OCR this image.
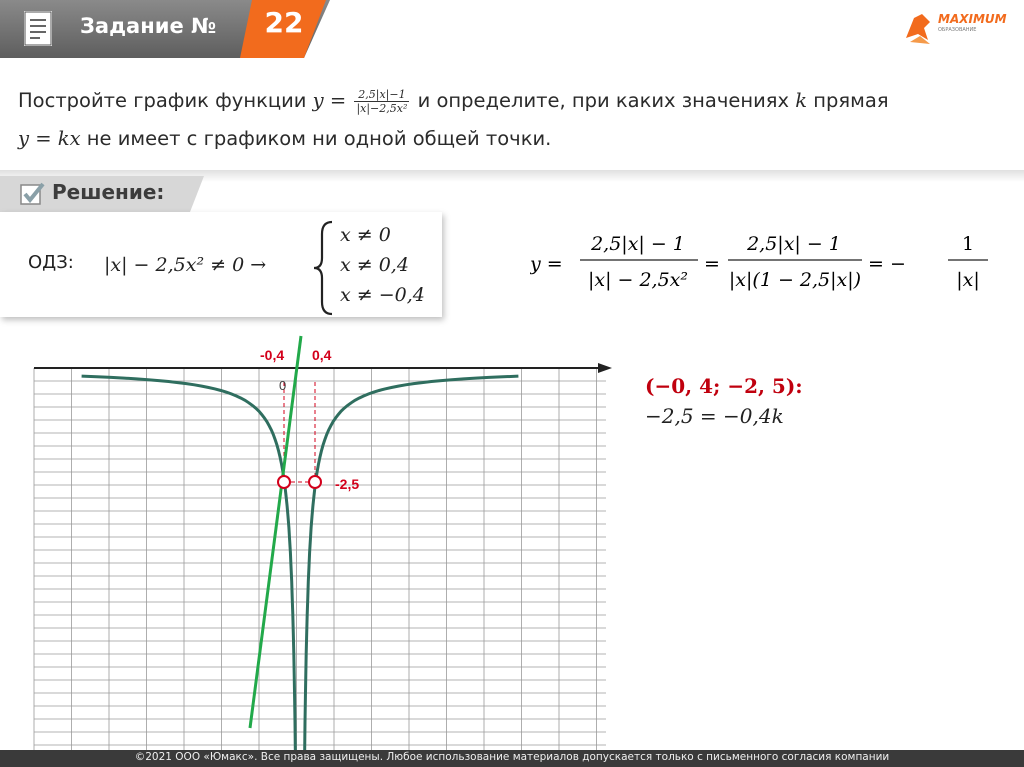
Задание №	22	MAXIMUM
ОБРАЗОВАНИЕ
Постройте график функции $y = \frac{2,5|x|-1}{\text{|x|−2,5x²}}$ и определите, при каких значениях k прямая
y = kx не имеет с графиком ни одной общей точки.
Решение:
ОДЗ: |x| − 2,5x² ≠ 0 →
x ≠ 0
x ≠ 0,4
x ≠ −0,4
y =
2,5|x| − 1
|x| − 2,5x²
=
2,5|x| − 1
|x|(1 − 2,5|x|)
= −
1
|x|
-0,4 0,4
0
-2,5
(−0, 4; −2, 5):
−2,5 = −0,4k
©2021 ООО «Юмакс». Все права защищены. Любое использование материалов допускается только с письменного согласия компании
